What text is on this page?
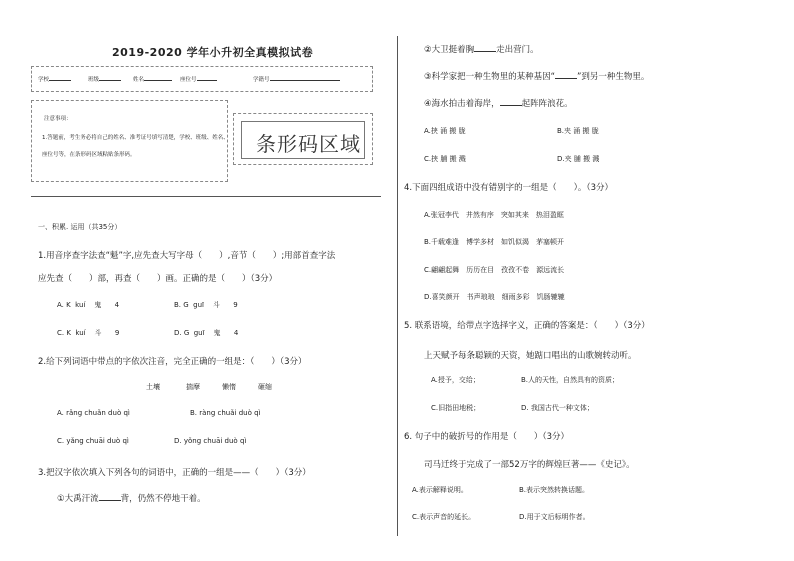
2019-2020 学年小升初全真模拟试卷
学校	班级	姓名	座位号	学籍号
注意事项：
1.答题前，考生务必将自己的姓名、准考证号填写清楚，学校、班级、姓名、
座位号等，在条形码区域粘贴条形码。	条形码区域
一、积累. 运用（共35分）
1.用音序查字法查“魁”字,应先查大写字母（　　）,音节（　　）;用部首查字法
应先查（　　）部，再查（　　）画。正确的是（　　）（3分）
A. K kuí 鬼 4	B. G guī 斗 9
C. K kuí 斗 9	D. G guī 鬼 4
2.给下列词语中带点的字依次注音，完全正确的一组是：（　　）（3分）
土壤	揣摩	懒惰	砸缩
A. rǎng chuǎn duò qì	B. ràng chuǎi duò qì
C. yǎng chuāi duò qì	D. yǒng chuāi duò qì
3.把汉字依次填入下列各句的词语中，正确的一组是——（　　）（3分）
①大禹汗流	背，仍然不停地干着。
②大卫挺着胸	走出营门。
③科学家把一种生物里的某种基因“	”到另一种生物里。
④海水拍击着海岸，	起阵阵浪花。
A.挟 涌 搬 胧	B.夹 涌 搬 胧
C.挟 脯 搬 溅	D.夹 脯 搬 溅
4.下面四组成语中没有错别字的一组是（　　）。（3分）
A.张冠李代　井然有序　突如其来　热泪盈眶
B.千载难逢　博学多材　如饥似渴　茅塞顿开
C.翩翩起舞　历历在目　孜孜不卷　源远流长
D.喜笑颜开　书声琅琅　细雨多彩　饥肠辘辘
5. 联系语境，给带点字选择字义，正确的答案是：（　　）（3分）
上天赋予每条聪颖的天资，她踮口唱出的山歌婉转动听。
A.授予，交给；	B.人的天性，自然具有的资质；
C.旧指田地税；	D. 我国古代一种文体；
6. 句子中的破折号的作用是（　　）（3分）
司马迁终于完成了一部52万字的辉煌巨著——《史记》。
A.表示解释说明。	B.表示突然转换话题。
C.表示声音的延长。	D.用于文后标明作者。
